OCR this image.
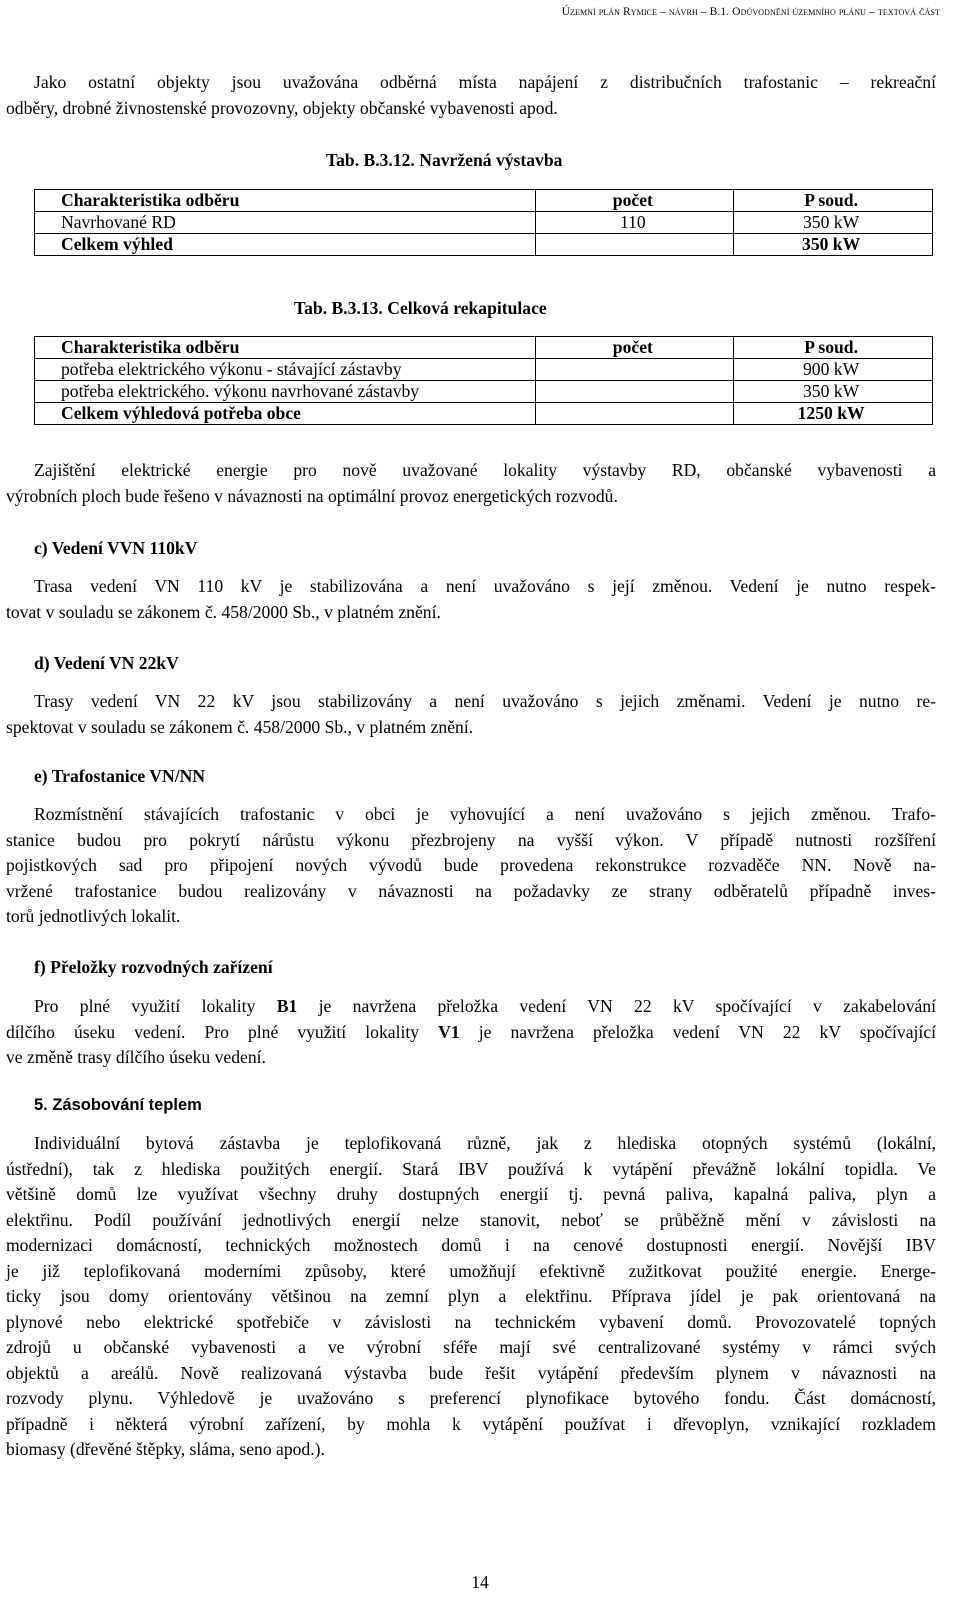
Územní plán Rymice – návrh – B.1. Odůvodnění územního plánu – textová část
Jako ostatní objekty jsou uvažována odběrná místa napájení z distribučních trafostanic – rekreační
odběry, drobné živnostenské provozovny, objekty občanské vybavenosti apod.
Tab. B.3.12. Navržená výstavba
Charakteristika odběru	počet	P soud.
Navrhované RD	110	350 kW
Celkem výhled		350 kW
Tab. B.3.13. Celková rekapitulace
Charakteristika odběru	počet	P soud.
potřeba elektrického výkonu - stávající zástavby		900 kW
potřeba elektrického. výkonu navrhované zástavby		350 kW
Celkem výhledová potřeba obce		1250 kW
Zajištění elektrické energie pro nově uvažované lokality výstavby RD, občanské vybavenosti a
výrobních ploch bude řešeno v návaznosti na optimální provoz energetických rozvodů.
c) Vedení VVN 110kV
Trasa vedení VN 110 kV je stabilizována a není uvažováno s její změnou. Vedení je nutno respek-
tovat v souladu se zákonem č. 458/2000 Sb., v platném znění.
d) Vedení VN 22kV
Trasy vedení VN 22 kV jsou stabilizovány a není uvažováno s jejich změnami. Vedení je nutno re-
spektovat v souladu se zákonem č. 458/2000 Sb., v platném znění.
e) Trafostanice VN/NN
Rozmístnění stávajících trafostanic v obci je vyhovující a není uvažováno s jejich změnou. Trafo-
stanice budou pro pokrytí nárůstu výkonu přezbrojeny na vyšší výkon. V případě nutnosti rozšíření
pojistkových sad pro připojení nových vývodů bude provedena rekonstrukce rozvaděče NN. Nově na-
vržené trafostanice budou realizovány v návaznosti na požadavky ze strany odběratelů případně inves-
torů jednotlivých lokalit.
f) Přeložky rozvodných zařízení
Pro plné využití lokality B1 je navržena přeložka vedení VN 22 kV spočívající v zakabelování
dílčího úseku vedení. Pro plné využití lokality V1 je navržena přeložka vedení VN 22 kV spočívající
ve změně trasy dílčího úseku vedení.
5. Zásobování teplem
Individuální bytová zástavba je teplofikovaná různě, jak z hlediska otopných systémů (lokální,
ústřední), tak z hlediska použitých energií. Stará IBV používá k vytápění převážně lokální topidla. Ve
většině domů lze využívat všechny druhy dostupných energií tj. pevná paliva, kapalná paliva, plyn a
elektřinu. Podíl používání jednotlivých energií nelze stanovit, neboť se průběžně mění v závislosti na
modernizaci domácností, technických možnostech domů i na cenové dostupnosti energií. Novější IBV
je již teplofikovaná moderními způsoby, které umožňují efektivně zužitkovat použité energie. Energe-
ticky jsou domy orientovány většinou na zemní plyn a elektřinu. Příprava jídel je pak orientovaná na
plynové nebo elektrické spotřebiče v závislosti na technickém vybavení domů. Provozovatelé topných
zdrojů u občanské vybavenosti a ve výrobní sféře mají své centralizované systémy v rámci svých
objektů a areálů. Nově realizovaná výstavba bude řešit vytápění především plynem v návaznosti na
rozvody plynu. Výhledově je uvažováno s preferencí plynofikace bytového fondu. Část domácností,
případně i některá výrobní zařízení, by mohla k vytápění používat i dřevoplyn, vznikající rozkladem
biomasy (dřevěné štěpky, sláma, seno apod.).
14
